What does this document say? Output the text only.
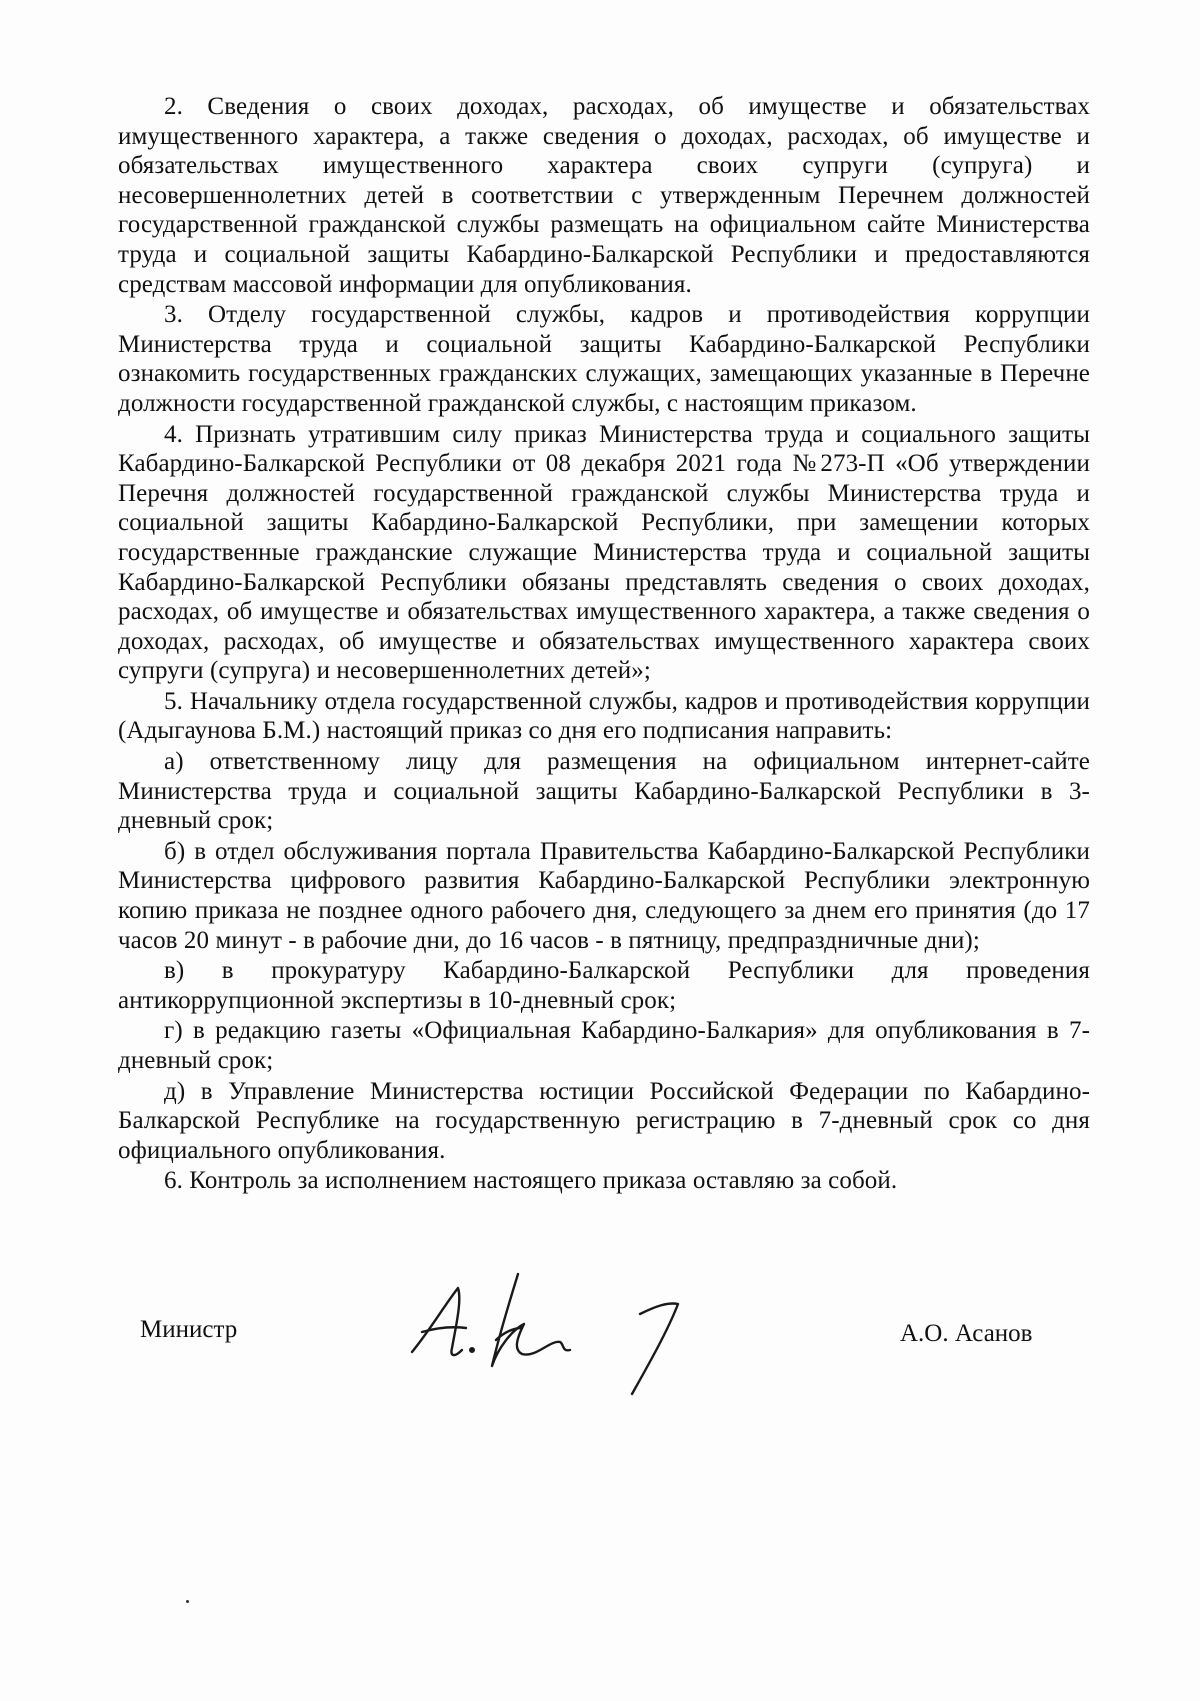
2. Сведения о своих доходах, расходах, об имуществе и обязательствах имущественного характера, а также сведения о доходах, расходах, об имуществе и обязательствах имущественного характера своих супруги (супруга) и несовершеннолетних детей в соответствии с утвержденным Перечнем должностей государственной гражданской службы размещать на официальном сайте Министерства труда и социальной защиты Кабардино-Балкарской Республики и предоставляются средствам массовой информации для опубликования.

3. Отделу государственной службы, кадров и противодействия коррупции Министерства труда и социальной защиты Кабардино-Балкарской Республики ознакомить государственных гражданских служащих, замещающих указанные в Перечне должности государственной гражданской службы, с настоящим приказом.

4. Признать утратившим силу приказ Министерства труда и социального защиты Кабардино-Балкарской Республики от 08 декабря 2021 года №273-П «Об утверждении Перечня должностей государственной гражданской службы Министерства труда и социальной защиты Кабардино-Балкарской Республики, при замещении которых государственные гражданские служащие Министерства труда и социальной защиты Кабардино-Балкарской Республики обязаны представлять сведения о своих доходах, расходах, об имуществе и обязательствах имущественного характера, а также сведения о доходах, расходах, об имуществе и обязательствах имущественного характера своих супруги (супруга) и несовершеннолетних детей»;

5. Начальнику отдела государственной службы, кадров и противодействия коррупции (Адыгаунова Б.М.) настоящий приказ со дня его подписания направить:

а) ответственному лицу для размещения на официальном интернет-сайте Министерства труда и социальной защиты Кабардино-Балкарской Республики в 3-дневный срок;

б) в отдел обслуживания портала Правительства Кабардино-Балкарской Республики Министерства цифрового развития Кабардино-Балкарской Республики электронную копию приказа не позднее одного рабочего дня, следующего за днем его принятия (до 17 часов 20 минут - в рабочие дни, до 16 часов - в пятницу, предпраздничные дни);

в) в прокуратуру Кабардино-Балкарской Республики для проведения антикоррупционной экспертизы в 10-дневный срок;

г) в редакцию газеты «Официальная Кабардино-Балкария» для опубликования в 7-дневный срок;

д) в Управление Министерства юстиции Российской Федерации по Кабардино-Балкарской Республике на государственную регистрацию в 7-дневный срок со дня официального опубликования.

6. Контроль за исполнением настоящего приказа оставляю за собой.

Министр	А.О. Асанов
